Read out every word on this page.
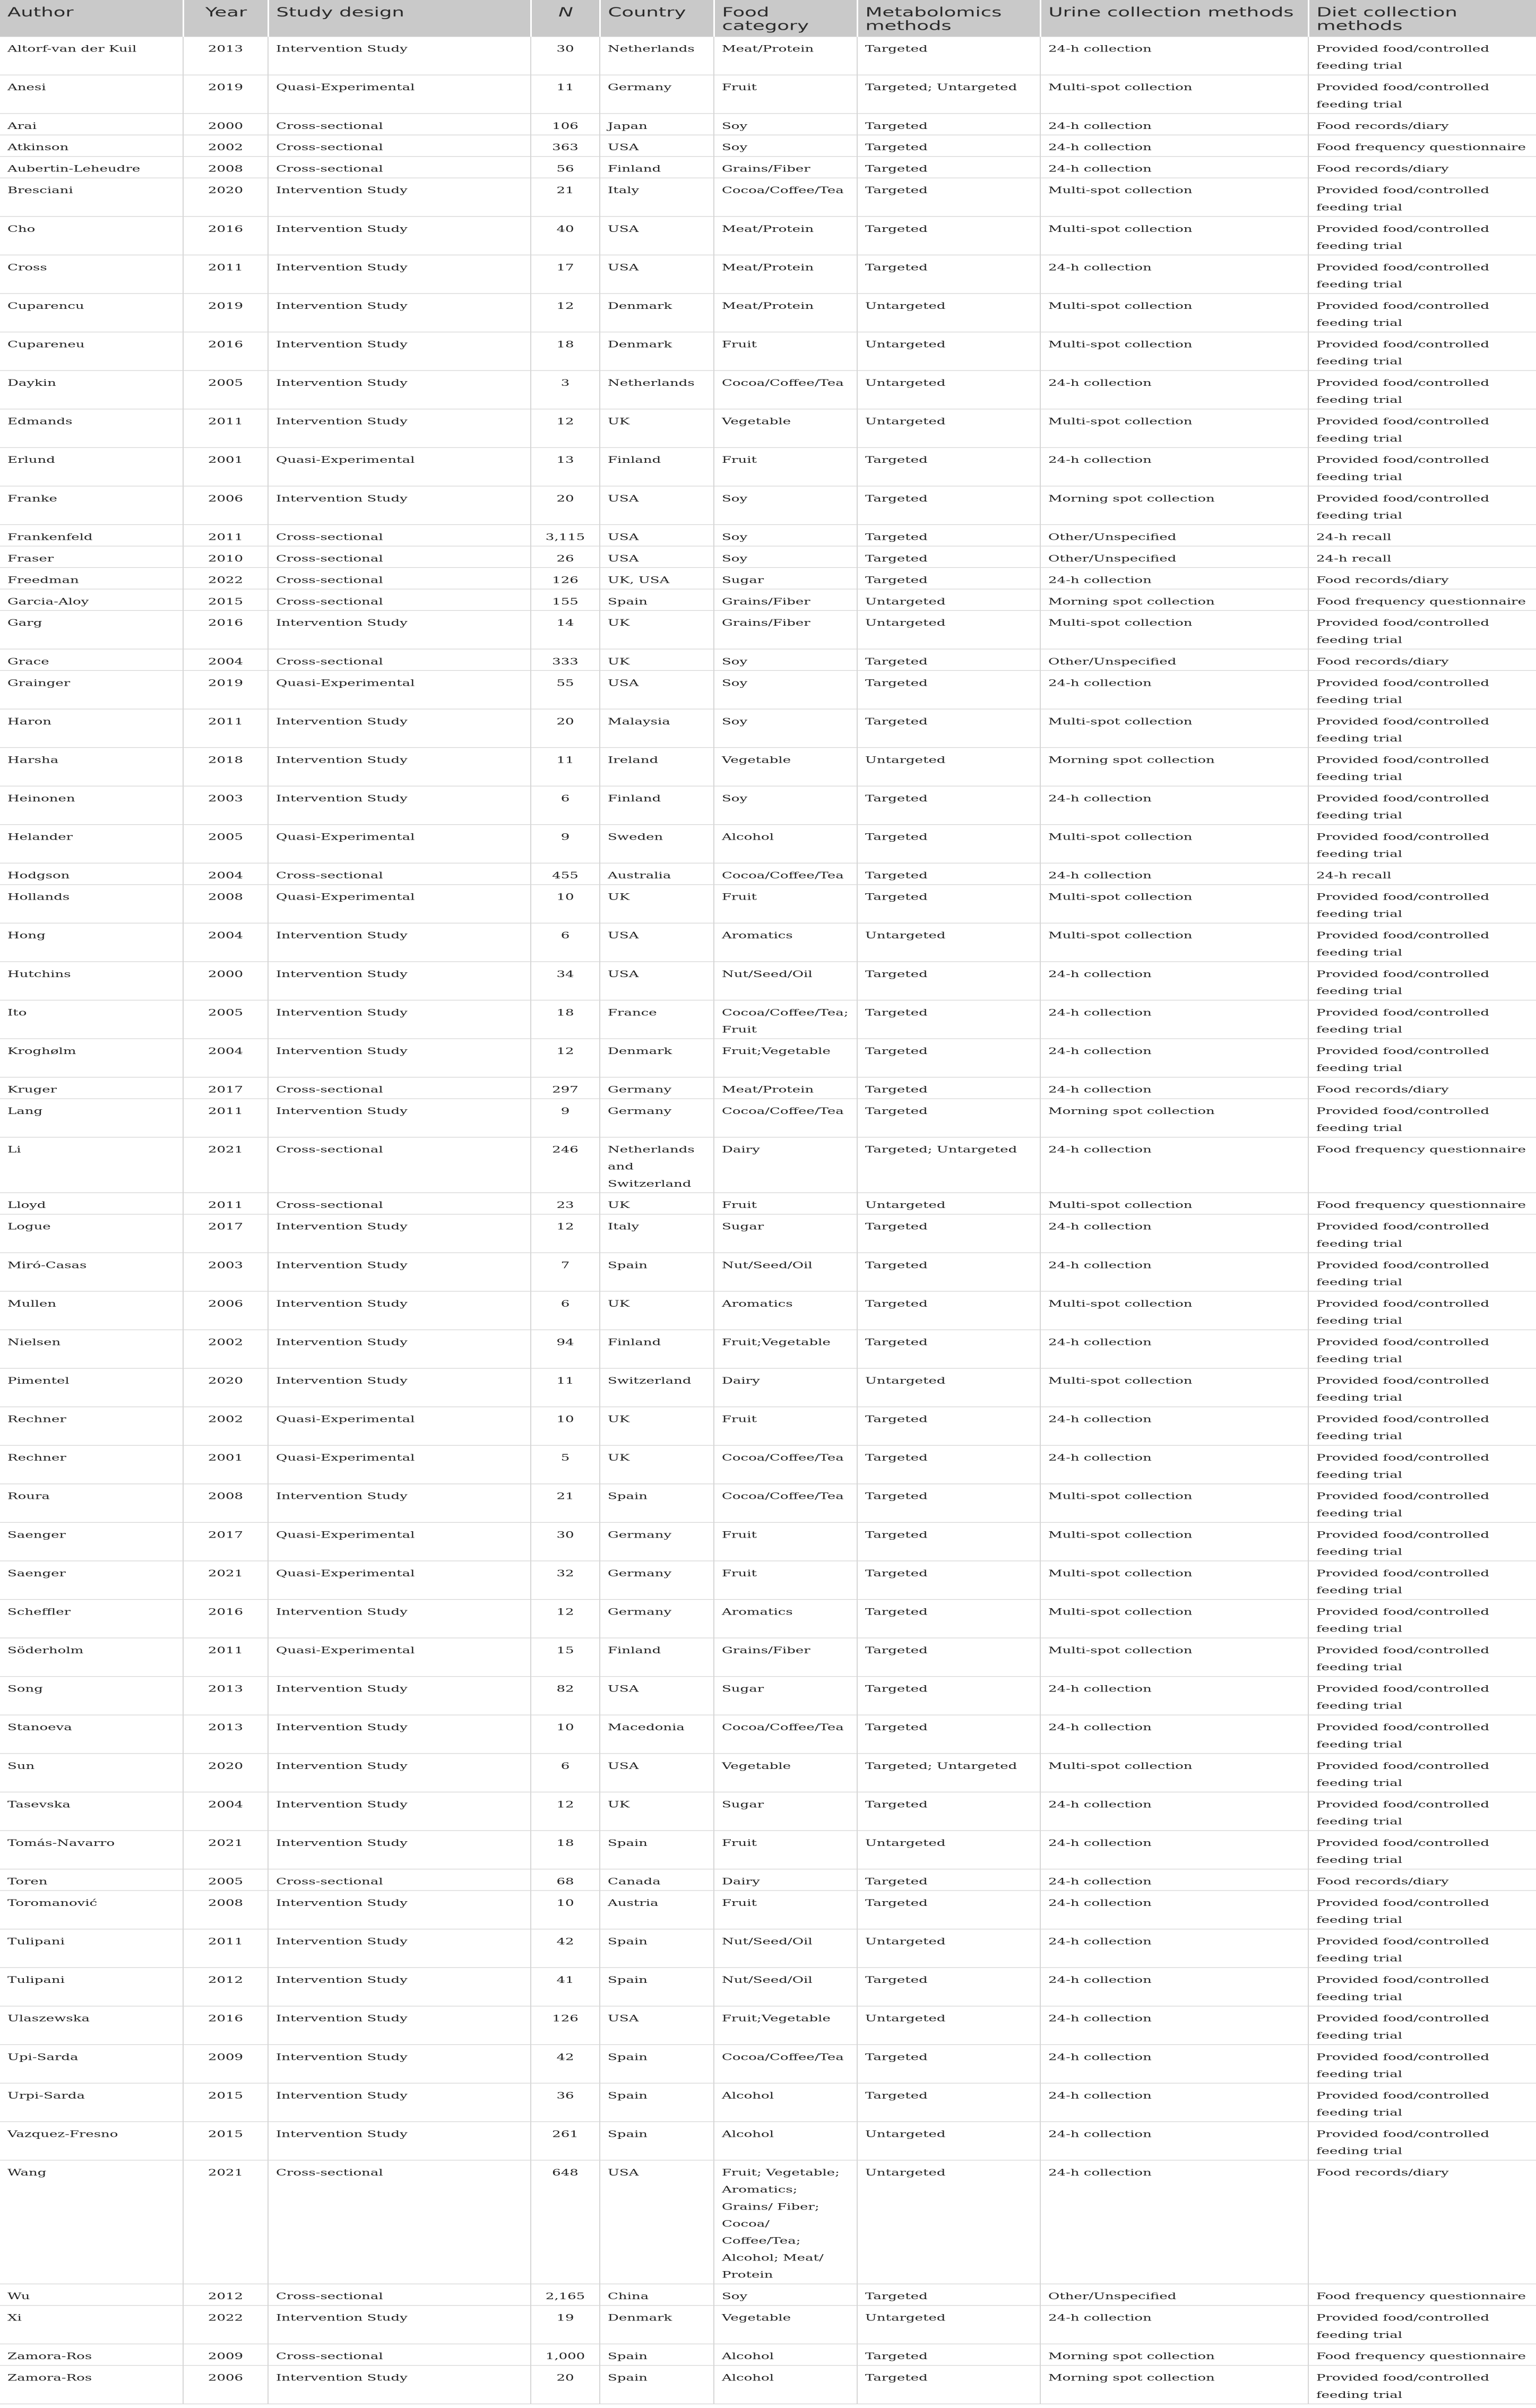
Author	Year	Study design	N	Country	Food category	Metabolomics methods	Urine collection methods	Diet collection methods
Altorf-van der Kuil	2013	Intervention Study	30	Netherlands	Meat/Protein	Targeted	24-h collection	Provided food/controlled feeding trial
Anesi	2019	Quasi-Experimental	11	Germany	Fruit	Targeted; Untargeted	Multi-spot collection	Provided food/controlled feeding trial
Arai	2000	Cross-sectional	106	Japan	Soy	Targeted	24-h collection	Food records/diary
Atkinson	2002	Cross-sectional	363	USA	Soy	Targeted	24-h collection	Food frequency questionnaire
Aubertin-Leheudre	2008	Cross-sectional	56	Finland	Grains/Fiber	Targeted	24-h collection	Food records/diary
Bresciani	2020	Intervention Study	21	Italy	Cocoa/Coffee/Tea	Targeted	Multi-spot collection	Provided food/controlled feeding trial
Cho	2016	Intervention Study	40	USA	Meat/Protein	Targeted	Multi-spot collection	Provided food/controlled feeding trial
Cross	2011	Intervention Study	17	USA	Meat/Protein	Targeted	24-h collection	Provided food/controlled feeding trial
Cuparencu	2019	Intervention Study	12	Denmark	Meat/Protein	Untargeted	Multi-spot collection	Provided food/controlled feeding trial
Cupareneu	2016	Intervention Study	18	Denmark	Fruit	Untargeted	Multi-spot collection	Provided food/controlled feeding trial
Daykin	2005	Intervention Study	3	Netherlands	Cocoa/Coffee/Tea	Untargeted	24-h collection	Provided food/controlled feeding trial
Edmands	2011	Intervention Study	12	UK	Vegetable	Untargeted	Multi-spot collection	Provided food/controlled feeding trial
Erlund	2001	Quasi-Experimental	13	Finland	Fruit	Targeted	24-h collection	Provided food/controlled feeding trial
Franke	2006	Intervention Study	20	USA	Soy	Targeted	Morning spot collection	Provided food/controlled feeding trial
Frankenfeld	2011	Cross-sectional	3,115	USA	Soy	Targeted	Other/Unspecified	24-h recall
Fraser	2010	Cross-sectional	26	USA	Soy	Targeted	Other/Unspecified	24-h recall
Freedman	2022	Cross-sectional	126	UK, USA	Sugar	Targeted	24-h collection	Food records/diary
Garcia-Aloy	2015	Cross-sectional	155	Spain	Grains/Fiber	Untargeted	Morning spot collection	Food frequency questionnaire
Garg	2016	Intervention Study	14	UK	Grains/Fiber	Untargeted	Multi-spot collection	Provided food/controlled feeding trial
Grace	2004	Cross-sectional	333	UK	Soy	Targeted	Other/Unspecified	Food records/diary
Grainger	2019	Quasi-Experimental	55	USA	Soy	Targeted	24-h collection	Provided food/controlled feeding trial
Haron	2011	Intervention Study	20	Malaysia	Soy	Targeted	Multi-spot collection	Provided food/controlled feeding trial
Harsha	2018	Intervention Study	11	Ireland	Vegetable	Untargeted	Morning spot collection	Provided food/controlled feeding trial
Heinonen	2003	Intervention Study	6	Finland	Soy	Targeted	24-h collection	Provided food/controlled feeding trial
Helander	2005	Quasi-Experimental	9	Sweden	Alcohol	Targeted	Multi-spot collection	Provided food/controlled feeding trial
Hodgson	2004	Cross-sectional	455	Australia	Cocoa/Coffee/Tea	Targeted	24-h collection	24-h recall
Hollands	2008	Quasi-Experimental	10	UK	Fruit	Targeted	Multi-spot collection	Provided food/controlled feeding trial
Hong	2004	Intervention Study	6	USA	Aromatics	Untargeted	Multi-spot collection	Provided food/controlled feeding trial
Hutchins	2000	Intervention Study	34	USA	Nut/Seed/Oil	Targeted	24-h collection	Provided food/controlled feeding trial
Ito	2005	Intervention Study	18	France	Cocoa/Coffee/Tea; Fruit	Targeted	24-h collection	Provided food/controlled feeding trial
Kroghølm	2004	Intervention Study	12	Denmark	Fruit;Vegetable	Targeted	24-h collection	Provided food/controlled feeding trial
Kruger	2017	Cross-sectional	297	Germany	Meat/Protein	Targeted	24-h collection	Food records/diary
Lang	2011	Intervention Study	9	Germany	Cocoa/Coffee/Tea	Targeted	Morning spot collection	Provided food/controlled feeding trial
Li	2021	Cross-sectional	246	Netherlands and Switzerland	Dairy	Targeted; Untargeted	24-h collection	Food frequency questionnaire
Lloyd	2011	Cross-sectional	23	UK	Fruit	Untargeted	Multi-spot collection	Food frequency questionnaire
Logue	2017	Intervention Study	12	Italy	Sugar	Targeted	24-h collection	Provided food/controlled feeding trial
Miró-Casas	2003	Intervention Study	7	Spain	Nut/Seed/Oil	Targeted	24-h collection	Provided food/controlled feeding trial
Mullen	2006	Intervention Study	6	UK	Aromatics	Targeted	Multi-spot collection	Provided food/controlled feeding trial
Nielsen	2002	Intervention Study	94	Finland	Fruit;Vegetable	Targeted	24-h collection	Provided food/controlled feeding trial
Pimentel	2020	Intervention Study	11	Switzerland	Dairy	Untargeted	Multi-spot collection	Provided food/controlled feeding trial
Rechner	2002	Quasi-Experimental	10	UK	Fruit	Targeted	24-h collection	Provided food/controlled feeding trial
Rechner	2001	Quasi-Experimental	5	UK	Cocoa/Coffee/Tea	Targeted	24-h collection	Provided food/controlled feeding trial
Roura	2008	Intervention Study	21	Spain	Cocoa/Coffee/Tea	Targeted	Multi-spot collection	Provided food/controlled feeding trial
Saenger	2017	Quasi-Experimental	30	Germany	Fruit	Targeted	Multi-spot collection	Provided food/controlled feeding trial
Saenger	2021	Quasi-Experimental	32	Germany	Fruit	Targeted	Multi-spot collection	Provided food/controlled feeding trial
Scheffler	2016	Intervention Study	12	Germany	Aromatics	Targeted	Multi-spot collection	Provided food/controlled feeding trial
Söderholm	2011	Quasi-Experimental	15	Finland	Grains/Fiber	Targeted	Multi-spot collection	Provided food/controlled feeding trial
Song	2013	Intervention Study	82	USA	Sugar	Targeted	24-h collection	Provided food/controlled feeding trial
Stanoeva	2013	Intervention Study	10	Macedonia	Cocoa/Coffee/Tea	Targeted	24-h collection	Provided food/controlled feeding trial
Sun	2020	Intervention Study	6	USA	Vegetable	Targeted; Untargeted	Multi-spot collection	Provided food/controlled feeding trial
Tasevska	2004	Intervention Study	12	UK	Sugar	Targeted	24-h collection	Provided food/controlled feeding trial
Tomás-Navarro	2021	Intervention Study	18	Spain	Fruit	Untargeted	24-h collection	Provided food/controlled feeding trial
Toren	2005	Cross-sectional	68	Canada	Dairy	Targeted	24-h collection	Food records/diary
Toromanović	2008	Intervention Study	10	Austria	Fruit	Targeted	24-h collection	Provided food/controlled feeding trial
Tulipani	2011	Intervention Study	42	Spain	Nut/Seed/Oil	Untargeted	24-h collection	Provided food/controlled feeding trial
Tulipani	2012	Intervention Study	41	Spain	Nut/Seed/Oil	Targeted	24-h collection	Provided food/controlled feeding trial
Ulaszewska	2016	Intervention Study	126	USA	Fruit;Vegetable	Untargeted	24-h collection	Provided food/controlled feeding trial
Upi-Sarda	2009	Intervention Study	42	Spain	Cocoa/Coffee/Tea	Targeted	24-h collection	Provided food/controlled feeding trial
Urpi-Sarda	2015	Intervention Study	36	Spain	Alcohol	Targeted	24-h collection	Provided food/controlled feeding trial
Vazquez-Fresno	2015	Intervention Study	261	Spain	Alcohol	Untargeted	24-h collection	Provided food/controlled feeding trial
Wang	2021	Cross-sectional	648	USA	Fruit; Vegetable; Aromatics; Grains/ Fiber; Cocoa/ Coffee/Tea; Alcohol; Meat/ Protein	Untargeted	24-h collection	Food records/diary
Wu	2012	Cross-sectional	2,165	China	Soy	Targeted	Other/Unspecified	Food frequency questionnaire
Xi	2022	Intervention Study	19	Denmark	Vegetable	Untargeted	24-h collection	Provided food/controlled feeding trial
Zamora-Ros	2009	Cross-sectional	1,000	Spain	Alcohol	Targeted	Morning spot collection	Food frequency questionnaire
Zamora-Ros	2006	Intervention Study	20	Spain	Alcohol	Targeted	Morning spot collection	Provided food/controlled feeding trial
